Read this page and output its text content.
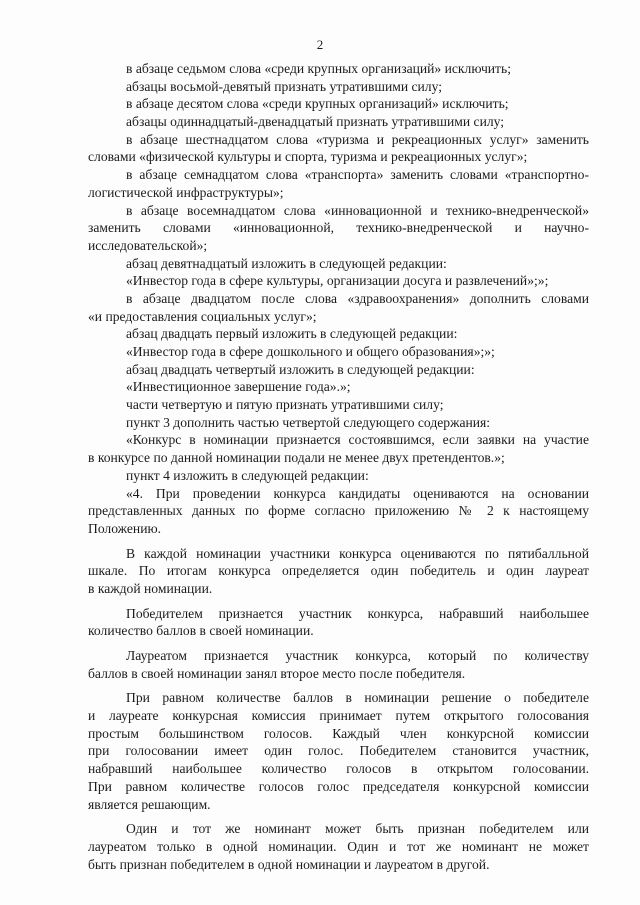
2
в абзаце седьмом слова «среди крупных организаций» исключить;
абзацы восьмой-девятый признать утратившими силу;
в абзаце десятом слова «среди крупных организаций» исключить;
абзацы одиннадцатый-двенадцатый признать утратившими силу;
в абзаце шестнадцатом слова «туризма и рекреационных услуг» заменить
словами «физической культуры и спорта, туризма и рекреационных услуг»;
в абзаце семнадцатом слова «транспорта» заменить словами «транспортно-
логистической инфраструктуры»;
в абзаце восемнадцатом слова «инновационной и технико-внедренческой»
заменить словами «инновационной, технико-внедренческой и научно-
исследовательской»;
абзац девятнадцатый изложить в следующей редакции:
«Инвестор года в сфере культуры, организации досуга и развлечений»;»;
в абзаце двадцатом после слова «здравоохранения» дополнить словами
«и предоставления социальных услуг»;
абзац двадцать первый изложить в следующей редакции:
«Инвестор года в сфере дошкольного и общего образования»;»;
абзац двадцать четвертый изложить в следующей редакции:
«Инвестиционное завершение года».»;
части четвертую и пятую признать утратившими силу;
пункт 3 дополнить частью четвертой следующего содержания:
«Конкурс в номинации признается состоявшимся, если заявки на участие
в конкурсе по данной номинации подали не менее двух претендентов.»;
пункт 4 изложить в следующей редакции:
«4. При проведении конкурса кандидаты оцениваются на основании
представленных данных по форме согласно приложению № 2 к настоящему
Положению.
В каждой номинации участники конкурса оцениваются по пятибалльной
шкале. По итогам конкурса определяется один победитель и один лауреат
в каждой номинации.
Победителем признается участник конкурса, набравший наибольшее
количество баллов в своей номинации.
Лауреатом признается участник конкурса, который по количеству
баллов в своей номинации занял второе место после победителя.
При равном количестве баллов в номинации решение о победителе
и лауреате конкурсная комиссия принимает путем открытого голосования
простым большинством голосов. Каждый член конкурсной комиссии
при голосовании имеет один голос. Победителем становится участник,
набравший наибольшее количество голосов в открытом голосовании.
При равном количестве голосов голос председателя конкурсной комиссии
является решающим.
Один и тот же номинант может быть признан победителем или
лауреатом только в одной номинации. Один и тот же номинант не может
быть признан победителем в одной номинации и лауреатом в другой.
